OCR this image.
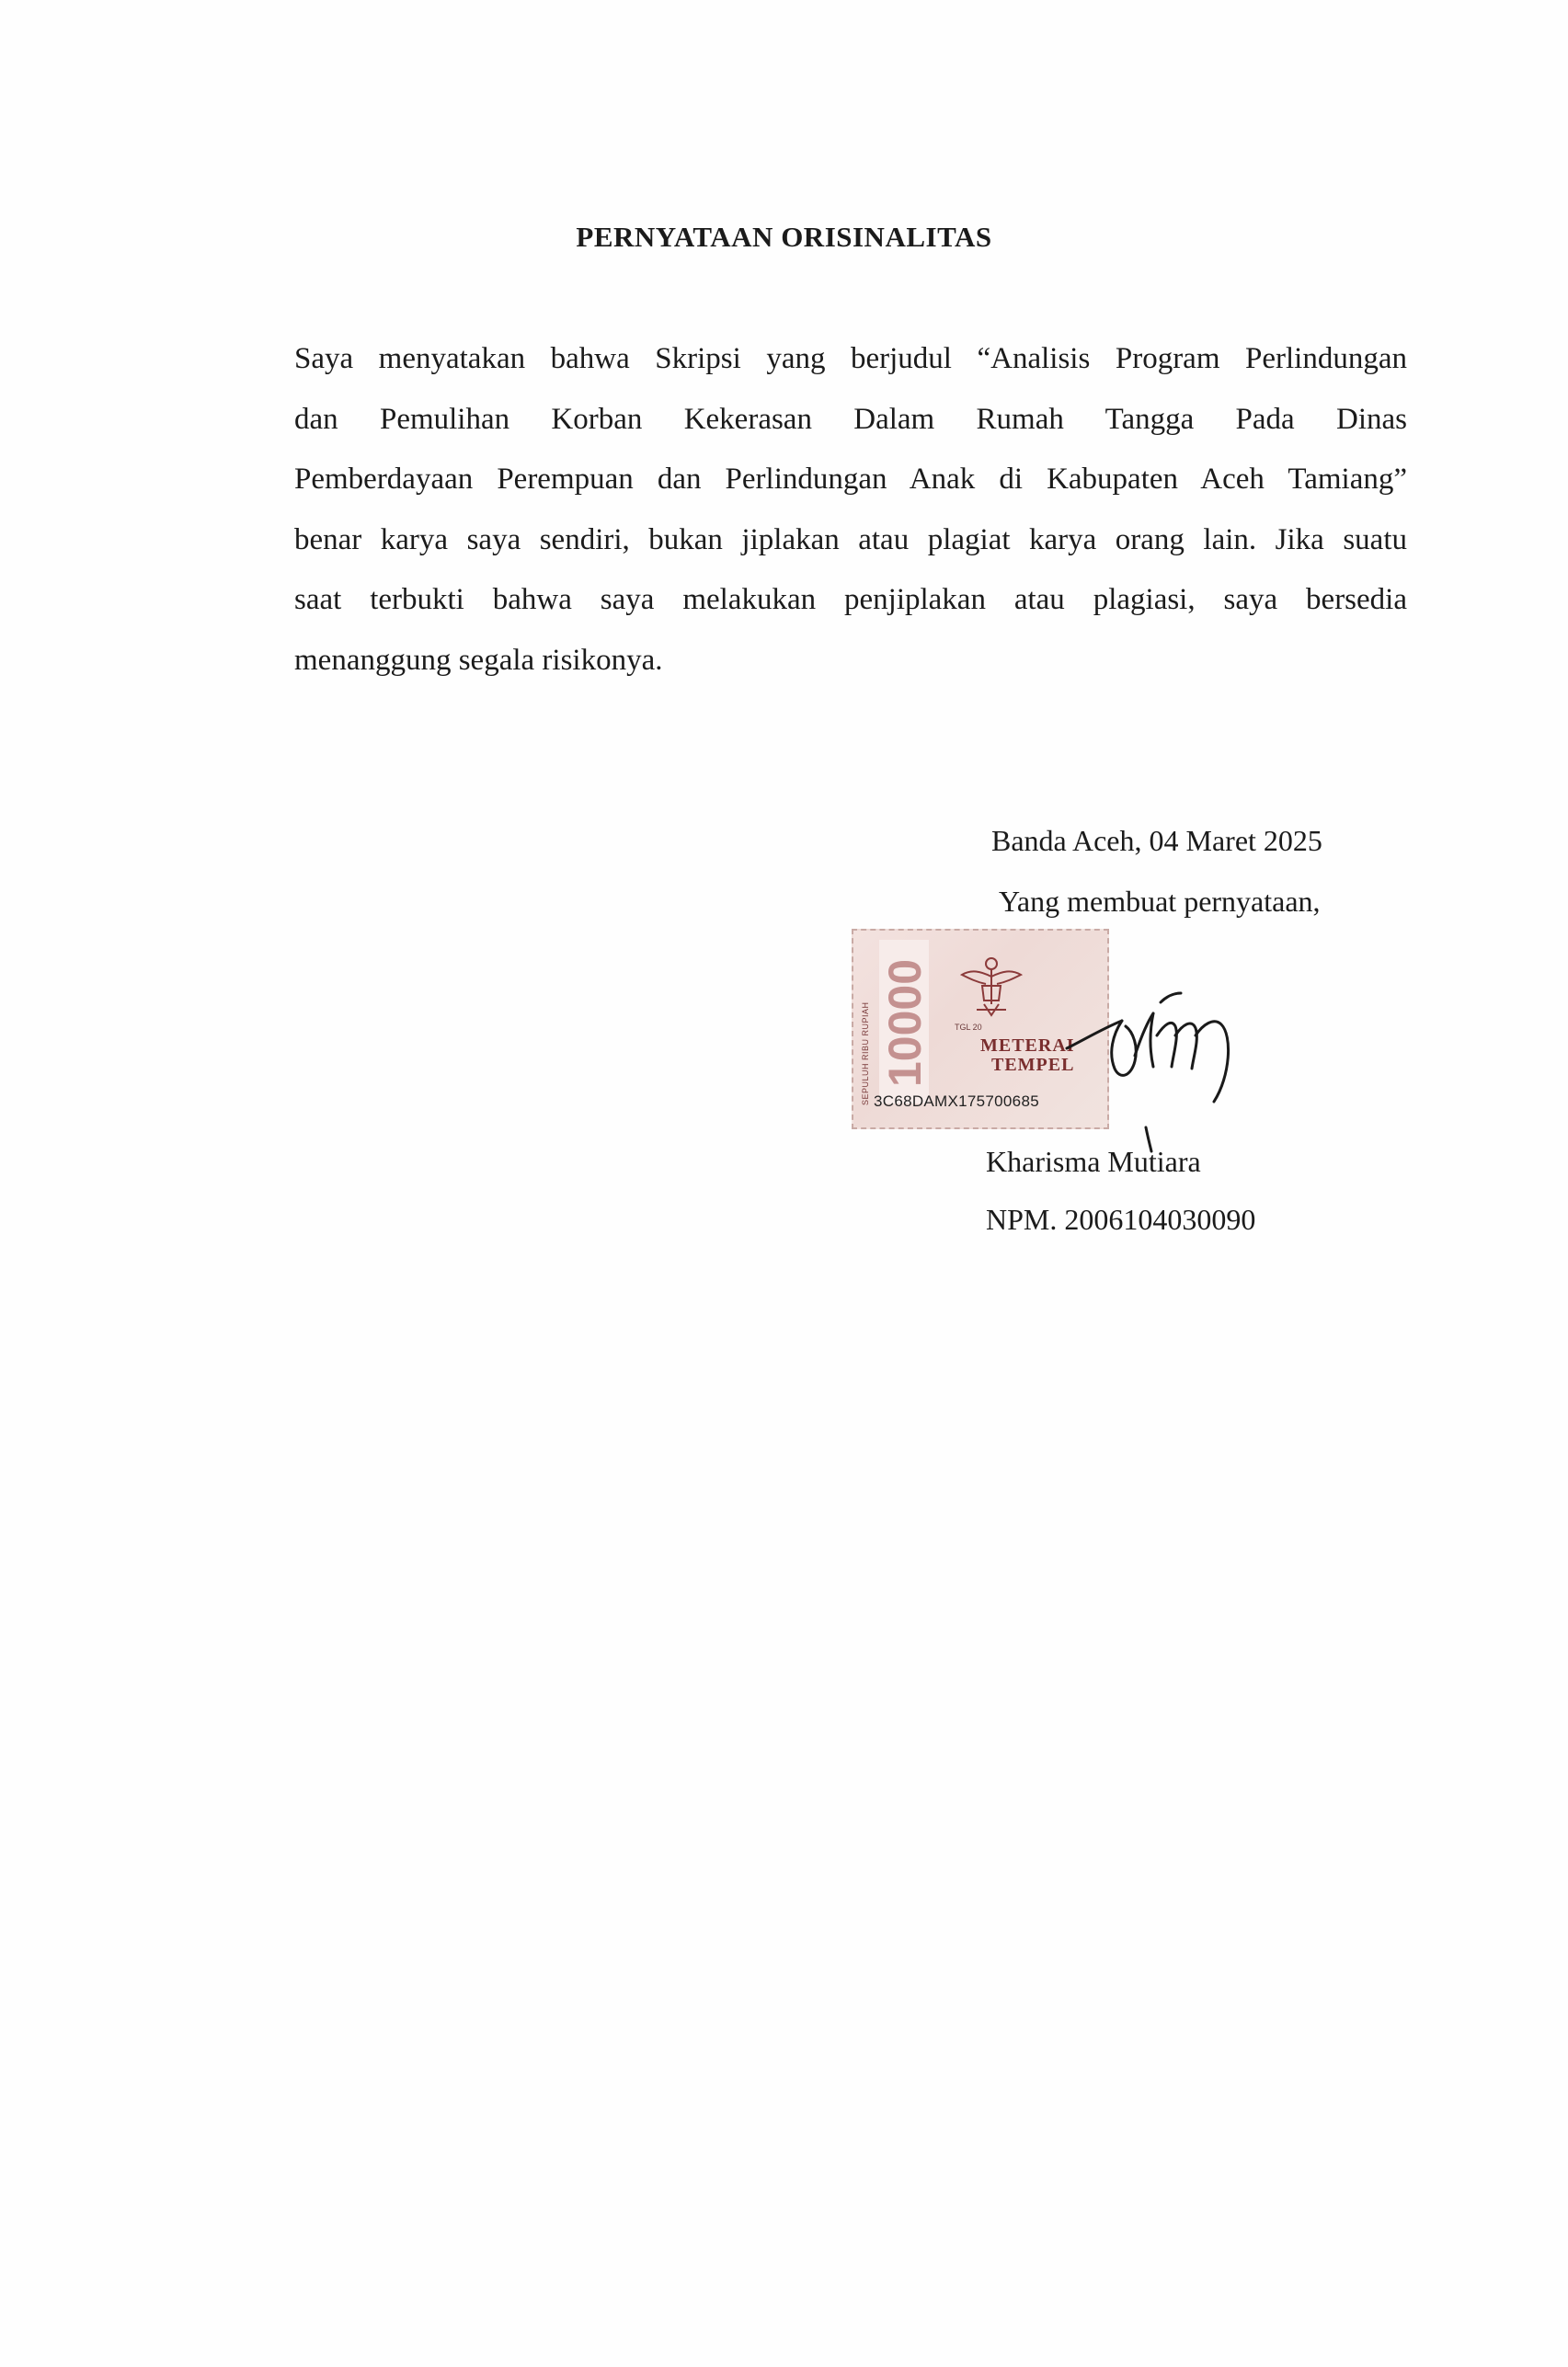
PERNYATAAN ORISINALITAS

Saya menyatakan bahwa Skripsi yang berjudul “Analisis Program Perlindungan
dan Pemulihan Korban Kekerasan Dalam Rumah Tangga Pada Dinas
Pemberdayaan Perempuan dan Perlindungan Anak di Kabupaten Aceh Tamiang”
benar karya saya sendiri, bukan jiplakan atau plagiat karya orang lain. Jika suatu
saat terbukti bahwa saya melakukan penjiplakan atau plagiasi, saya bersedia
menanggung segala risikonya.

Banda Aceh, 04 Maret 2025
Yang membuat pernyataan,
SEPULUH RIBU RUPIAH 10000	TGL 20
METERAI
TEMPEL
3C68DAMX175700685
Kharisma Mutiara
NPM. 2006104030090
